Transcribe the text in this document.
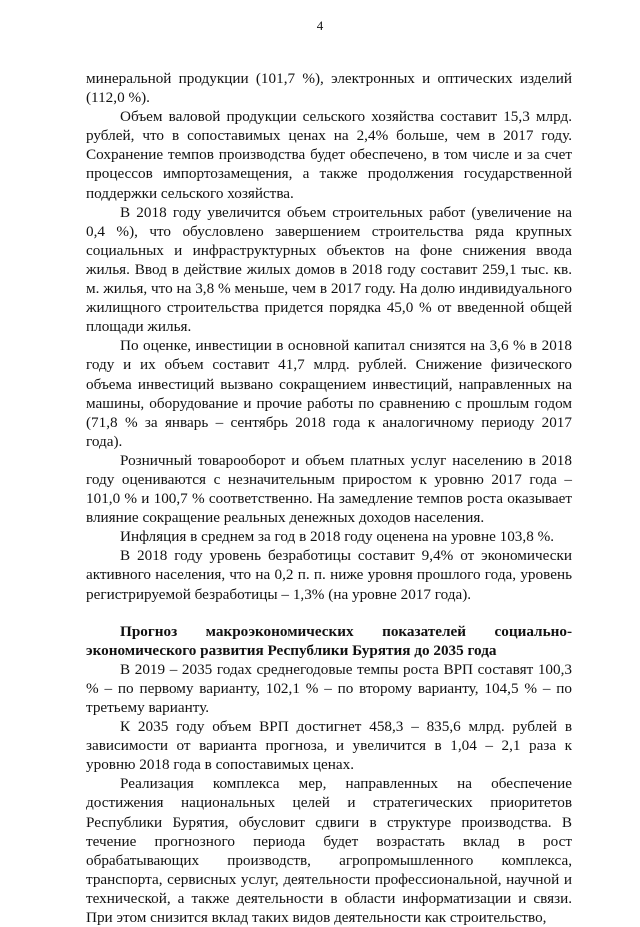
4

минеральной продукции (101,7 %), электронных и оптических изделий (112,0 %).

Объем валовой продукции сельского хозяйства составит 15,3 млрд. рублей, что в сопоставимых ценах на 2,4% больше, чем в 2017 году. Сохранение темпов производства будет обеспечено, в том числе и за счет процессов импортозамещения, а также продолжения государственной поддержки сельского хозяйства.

В 2018 году увеличится объем строительных работ (увеличение на 0,4 %), что обусловлено завершением строительства ряда крупных социальных и инфраструктурных объектов на фоне снижения ввода жилья. Ввод в действие жилых домов в 2018 году составит 259,1 тыс. кв. м. жилья, что на 3,8 % меньше, чем в 2017 году. На долю индивидуального жилищного строительства придется порядка 45,0 % от введенной общей площади жилья.

По оценке, инвестиции в основной капитал снизятся на 3,6 % в 2018 году и их объем составит 41,7 млрд. рублей. Снижение физического объема инвестиций вызвано сокращением инвестиций, направленных на машины, оборудование и прочие работы по сравнению с прошлым годом (71,8 % за январь – сентябрь 2018 года к аналогичному периоду 2017 года).

Розничный товарооборот и объем платных услуг населению в 2018 году оцениваются с незначительным приростом к уровню 2017 года – 101,0 % и 100,7 % соответственно. На замедление темпов роста оказывает влияние сокращение реальных денежных доходов населения.

Инфляция в среднем за год в 2018 году оценена на уровне 103,8 %.

В 2018 году уровень безработицы составит 9,4% от экономически активного населения, что на 0,2 п. п. ниже уровня прошлого года, уровень регистрируемой безработицы – 1,3% (на уровне 2017 года).

Прогноз макроэкономических показателей социально-экономического развития Республики Бурятия до 2035 года

В 2019 – 2035 годах среднегодовые темпы роста ВРП составят 100,3 % – по первому варианту, 102,1 % – по второму варианту, 104,5 % – по третьему варианту.

К 2035 году объем ВРП достигнет 458,3 – 835,6 млрд. рублей в зависимости от варианта прогноза, и увеличится в 1,04 – 2,1 раза к уровню 2018 года в сопоставимых ценах.

Реализация комплекса мер, направленных на обеспечение достижения национальных целей и стратегических приоритетов Республики Бурятия, обусловит сдвиги в структуре производства. В течение прогнозного периода будет возрастать вклад в рост обрабатывающих производств, агропромышленного комплекса, транспорта, сервисных услуг, деятельности профессиональной, научной и технической, а также деятельности в области информатизации и связи. При этом снизится вклад таких видов деятельности как строительство,
